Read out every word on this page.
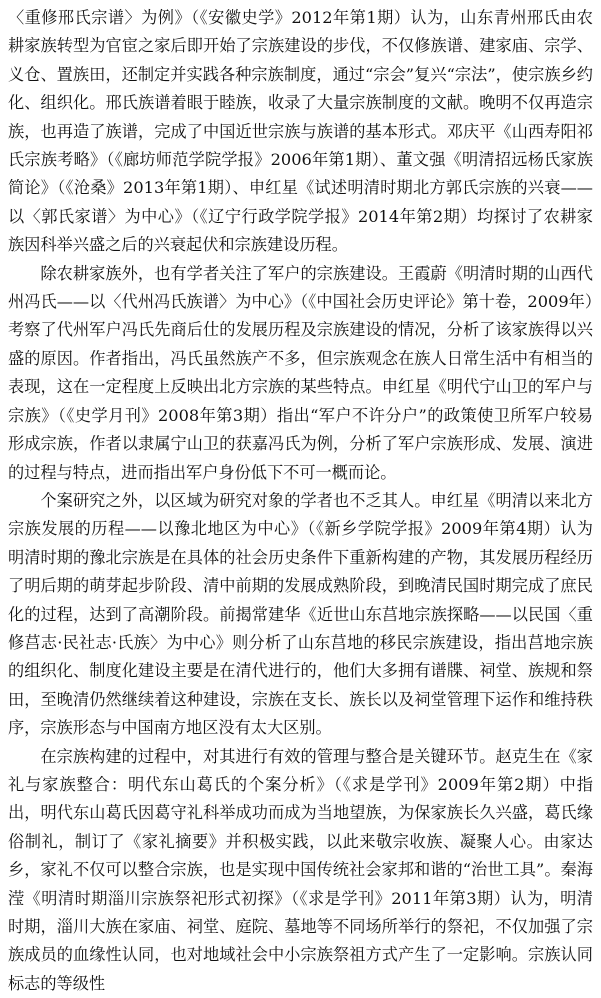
〈重修邢氏宗谱〉为例》（《安徽史学》2012年第1期）认为，山东青州邢氏由农耕家族转型为官宦之家后即开始了宗族建设的步伐，不仅修族谱、建家庙、宗学、义仓、置族田，还制定并实践各种宗族制度，通过“宗会”复兴“宗法”，使宗族乡约化、组织化。邢氏族谱着眼于睦族，收录了大量宗族制度的文献。晚明不仅再造宗族，也再造了族谱，完成了中国近世宗族与族谱的基本形式。邓庆平《山西寿阳祁氏宗族考略》（《廊坊师范学院学报》2006年第1期）、董文强《明清招远杨氏家族简论》（《沧桑》2013年第1期）、申红星《试述明清时期北方郭氏宗族的兴衰——以〈郭氏家谱〉为中心》（《辽宁行政学院学报》2014年第2期）均探讨了农耕家族因科举兴盛之后的兴衰起伏和宗族建设历程。

除农耕家族外，也有学者关注了军户的宗族建设。王霞蔚《明清时期的山西代州冯氏——以〈代州冯氏族谱〉为中心》（《中国社会历史评论》第十卷，2009年）考察了代州军户冯氏先商后仕的发展历程及宗族建设的情况，分析了该家族得以兴盛的原因。作者指出，冯氏虽然族产不多，但宗族观念在族人日常生活中有相当的表现，这在一定程度上反映出北方宗族的某些特点。申红星《明代宁山卫的军户与宗族》（《史学月刊》2008年第3期）指出“军户不许分户”的政策使卫所军户较易形成宗族，作者以隶属宁山卫的获嘉冯氏为例，分析了军户宗族形成、发展、演进的过程与特点，进而指出军户身份低下不可一概而论。

个案研究之外，以区域为研究对象的学者也不乏其人。申红星《明清以来北方宗族发展的历程——以豫北地区为中心》（《新乡学院学报》2009年第4期）认为明清时期的豫北宗族是在具体的社会历史条件下重新构建的产物，其发展历程经历了明后期的萌芽起步阶段、清中前期的发展成熟阶段，到晚清民国时期完成了庶民化的过程，达到了高潮阶段。前揭常建华《近世山东莒地宗族探略——以民国〈重修莒志·民社志·氏族〉为中心》则分析了山东莒地的移民宗族建设，指出莒地宗族的组织化、制度化建设主要是在清代进行的，他们大多拥有谱牒、祠堂、族规和祭田，至晚清仍然继续着这种建设，宗族在支长、族长以及祠堂管理下运作和维持秩序，宗族形态与中国南方地区没有太大区别。

在宗族构建的过程中，对其进行有效的管理与整合是关键环节。赵克生在《家礼与家族整合：明代东山葛氏的个案分析》（《求是学刊》2009年第2期）中指出，明代东山葛氏因葛守礼科举成功而成为当地望族，为保家族长久兴盛，葛氏缘俗制礼，制订了《家礼摘要》并积极实践，以此来敬宗收族、凝聚人心。由家达乡，家礼不仅可以整合宗族，也是实现中国传统社会家邦和谐的“治世工具”。秦海滢《明清时期淄川宗族祭祀形式初探》（《求是学刊》2011年第3期）认为，明清时期，淄川大族在家庙、祠堂、庭院、墓地等不同场所举行的祭祀，不仅加强了宗族成员的血缘性认同，也对地域社会中小宗族祭祖方式产生了一定影响。宗族认同标志的等级性
